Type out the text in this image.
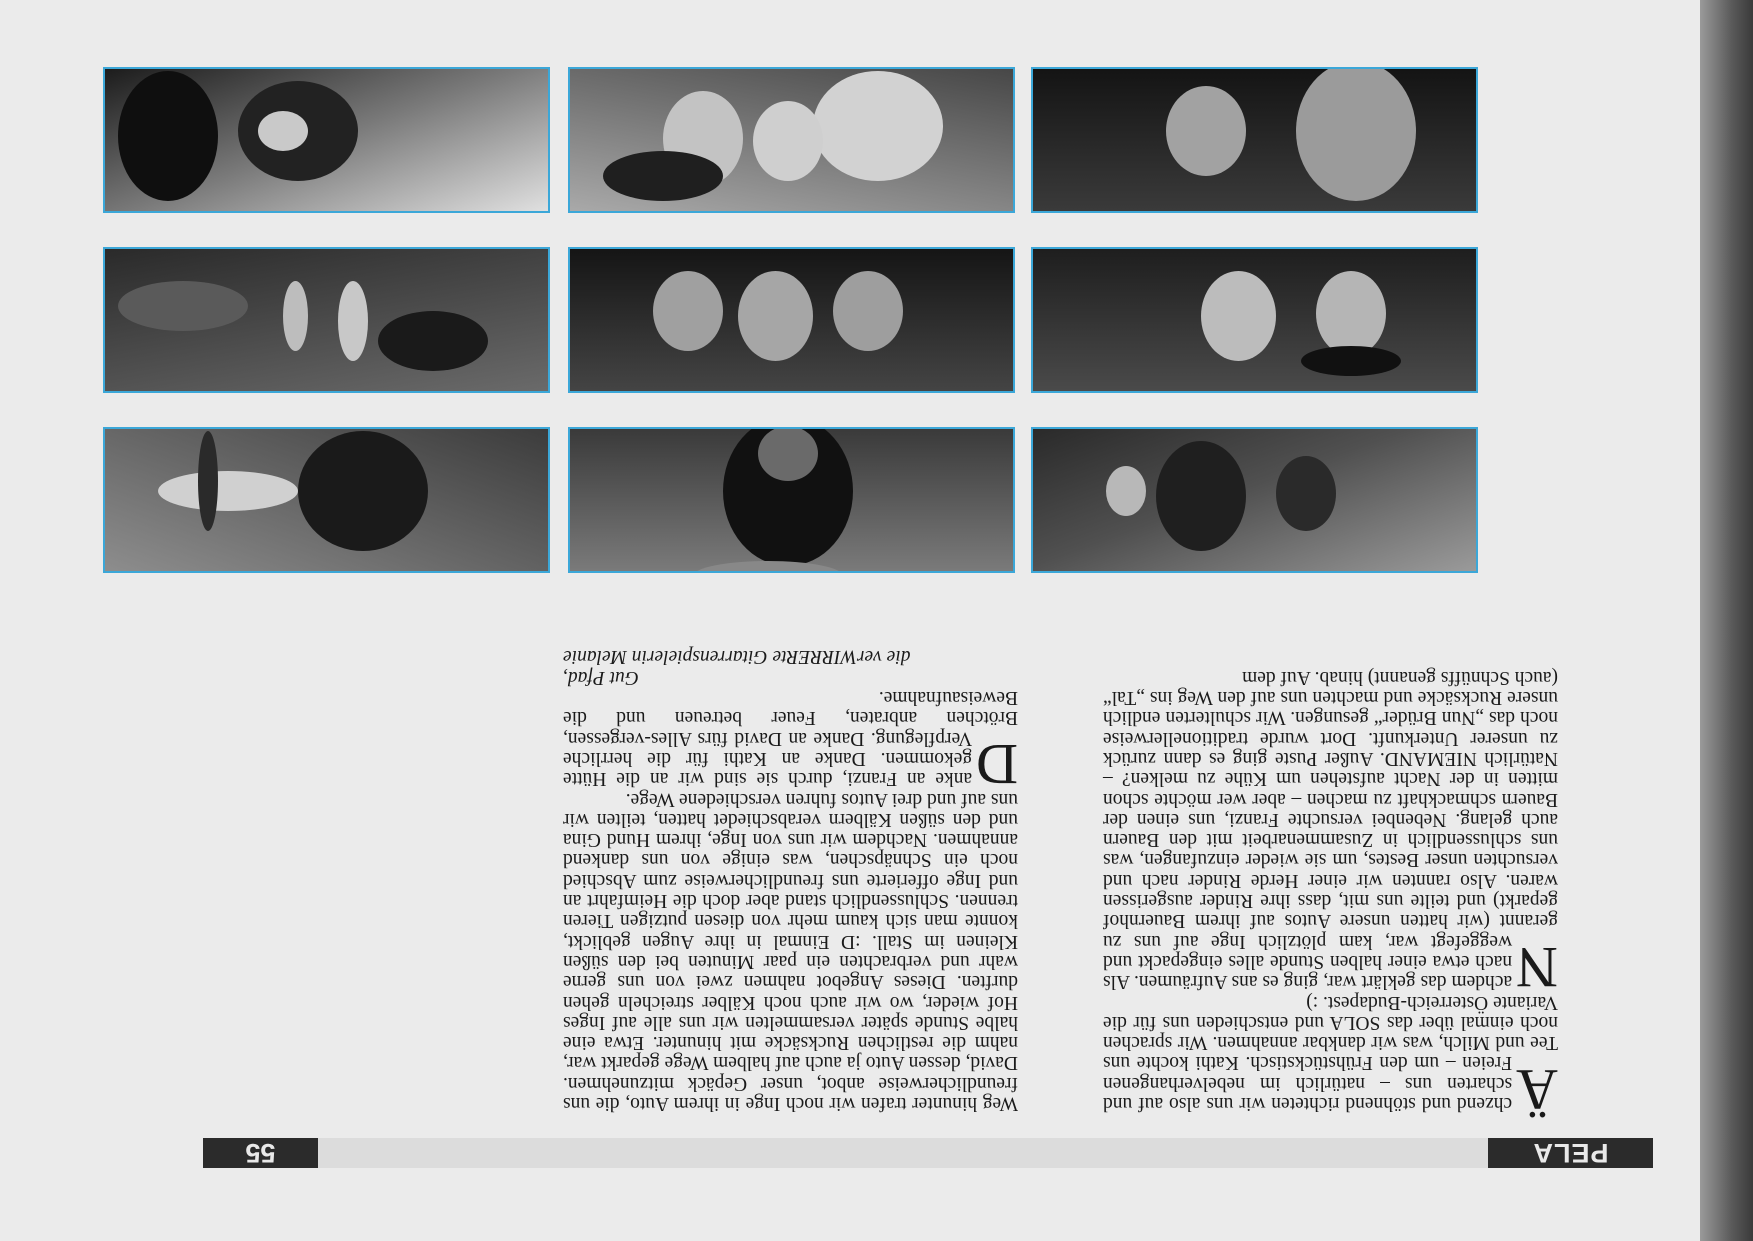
PELA
55

Ä
chzend und stöhnend richteten wir uns also auf und scharten uns – natürlich im nebelverhangenen Freien – um den Frühstückstisch. Kathi kochte uns Tee und Milch, was wir dankbar annahmen. Wir sprachen noch einmal über das SOLA und entschieden uns für die Variante Österreich-Budapest. :)

N
achdem das geklärt war, ging es ans Aufräumen. Als nach etwa einer halben Stunde alles eingepackt und weggefegt war, kam plötzlich Inge auf uns zu gerannt (wir hatten unsere Autos auf ihrem Bauernhof geparkt) und teilte uns mit, dass ihre Rinder ausgerissen waren. Also rannten wir einer Herde Rinder nach und versuchten unser Bestes, um sie wieder einzufangen, was uns schlussendlich in Zusammenarbeit mit den Bauern auch gelang. Nebenbei versuchte Franzi, uns einen der Bauern schmackhaft zu machen – aber wer möchte schon mitten in der Nacht aufstehen um Kühe zu melken? – Natürlich NIEMAND. Außer Puste ging es dann zurück zu unserer Unterkunft. Dort wurde traditionellerweise noch das „Nun Brüder“ gesungen. Wir schulterten endlich unsere Rucksäcke und machten uns auf den Weg ins „Tal“ (auch Schnüffs genannt) hinab. Auf dem

Weg hinunter trafen wir noch Inge in ihrem Auto, die uns freundlicherweise anbot, unser Gepäck mitzunehmen. David, dessen Auto ja auch auf halbem Wege geparkt war, nahm die restlichen Rucksäcke mit hinunter. Etwa eine halbe Stunde später versammelten wir uns alle auf Inges Hof wieder, wo wir auch noch Kälber streicheln gehen durften. Dieses Angebot nahmen zwei von uns gerne wahr und verbrachten ein paar Minuten bei den süßen Kleinen im Stall. :D Einmal in ihre Augen geblickt, konnte man sich kaum mehr von diesen putzigen Tieren trennen. Schlussendlich stand aber doch die Heimfahrt an und Inge offerierte uns freundlicherweise zum Abschied noch ein Schnäpschen, was einige von uns dankend annahmen. Nachdem wir uns von Inge, ihrem Hund Gina und den süßen Kälbern verabschiedet hatten, teilten wir uns auf und drei Autos fuhren verschiedene Wege.

D
anke an Franzi, durch sie sind wir an die Hütte gekommen. Danke an Kathi für die herrliche Verpflegung. Danke an David fürs Alles-vergessen, Brötchen anbraten, Feuer betreuen und die Beweisaufnahme.

Gut Pfad,

die verWIRRERte Gitarrenspielerin Melanie
